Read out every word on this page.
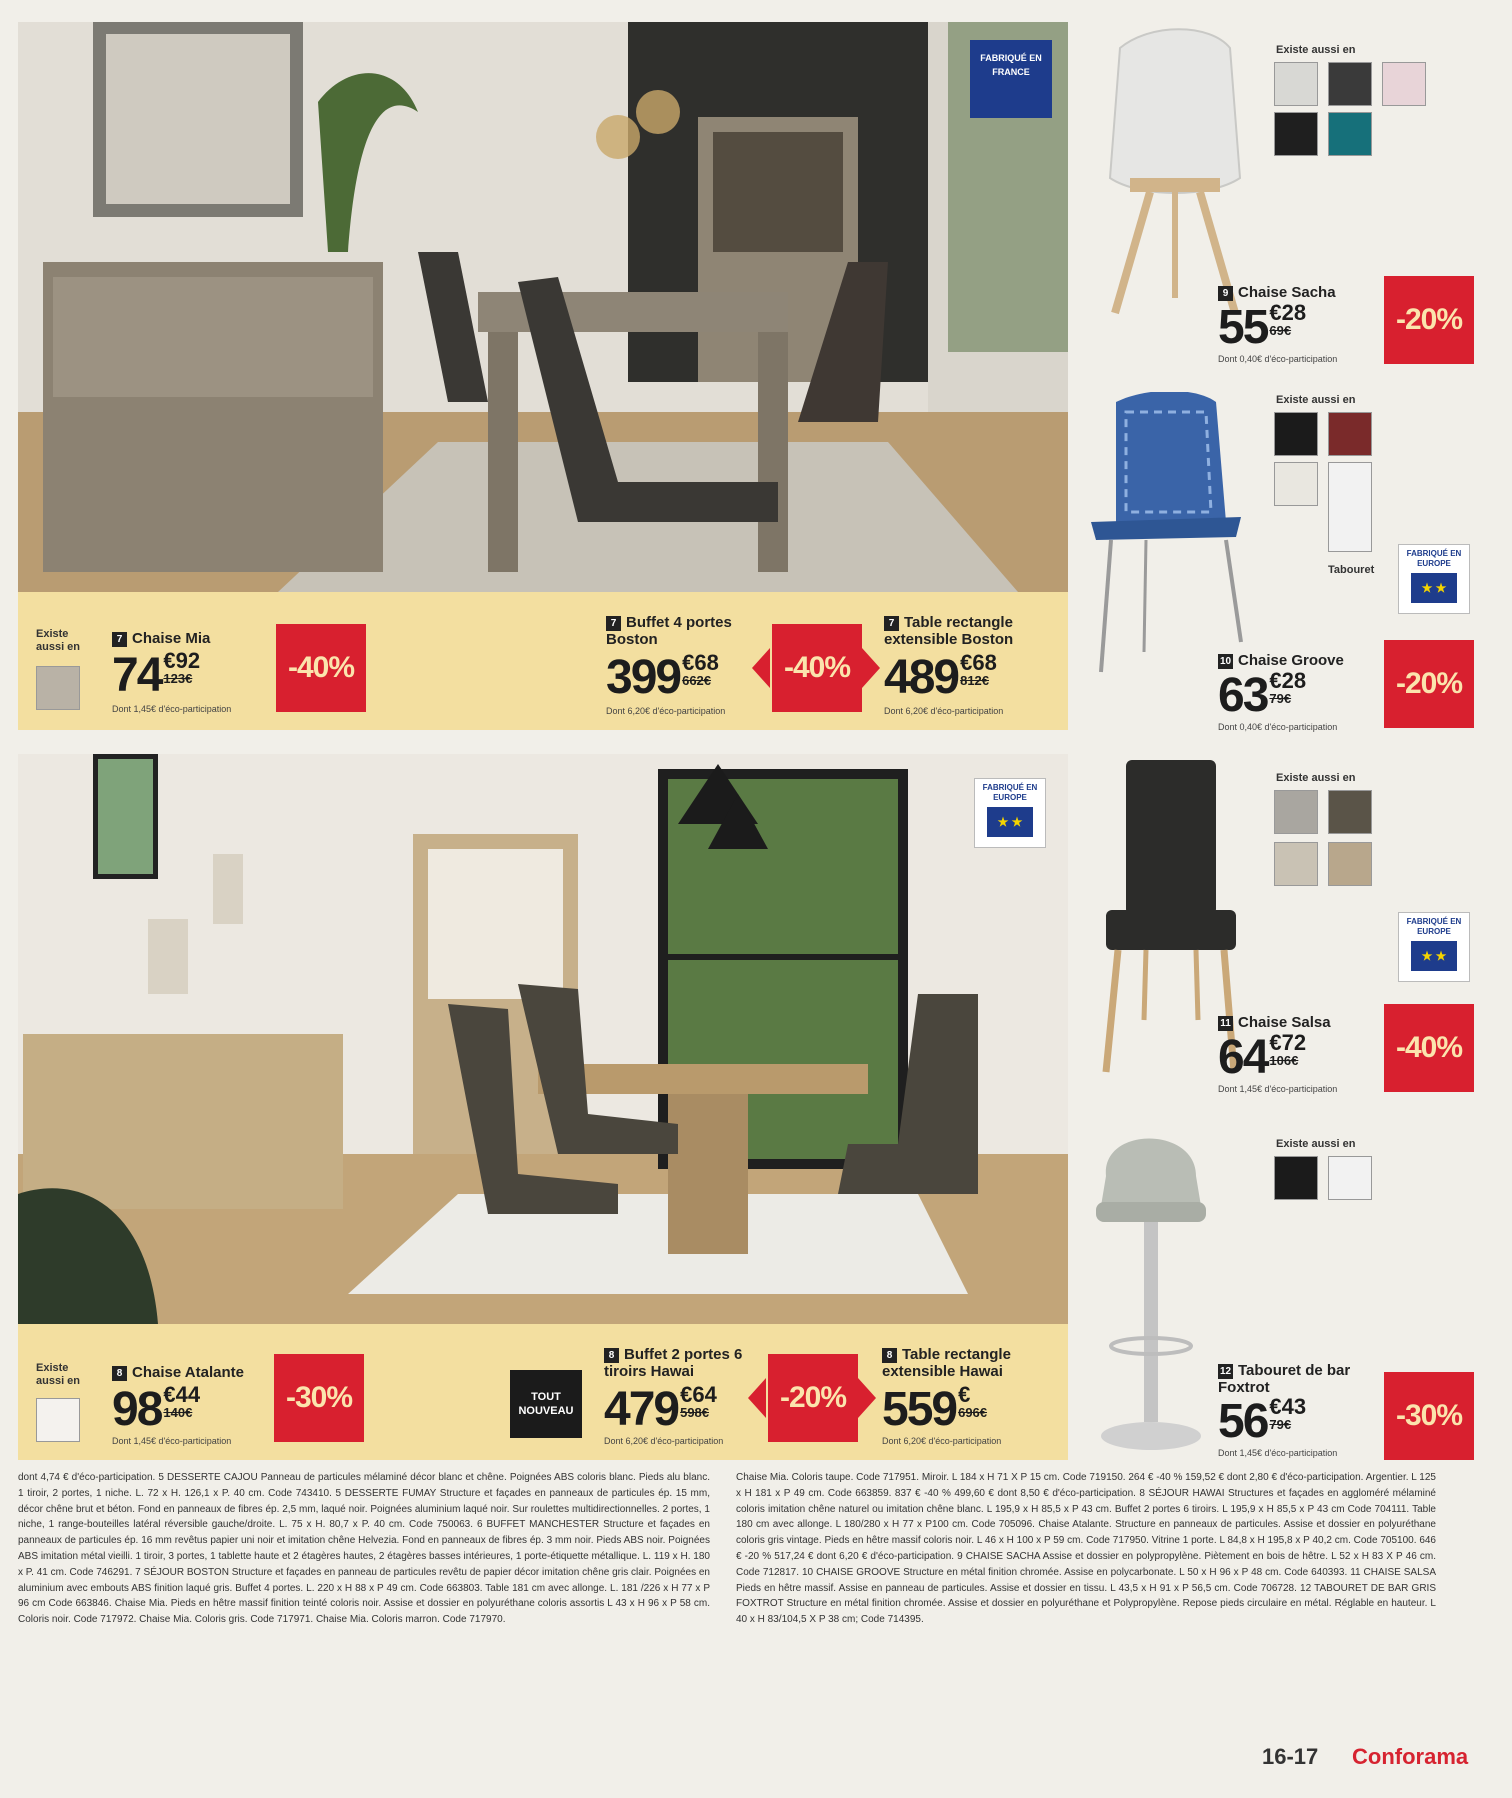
FABRIQUÉ EN FRANCE
Existe aussi en
7 Chaise Mia
74 €92
123€
Dont 1,45€ d'éco-participation
-40%
7 Buffet 4 portes Boston
399 €68
662€
Dont 6,20€ d'éco-participation
-40%
7 Table rectangle extensible Boston
489 €68
812€
Dont 6,20€ d'éco-participation
FABRIQUÉ EN EUROPE
★ ★
Existe aussi en
8 Chaise Atalante
98 €44
140€
Dont 1,45€ d'éco-participation
-30%	TOUT NOUVEAU
8 Buffet 2 portes 6 tiroirs Hawai
479 €64
598€
Dont 6,20€ d'éco-participation
-20%
8 Table rectangle extensible Hawai
559 €
696€
Dont 6,20€ d'éco-participation
Existe aussi en
9 Chaise Sacha
55 €28
69€
Dont 0,40€ d'éco-participation
-20%
Existe aussi en
Tabouret
FABRIQUÉ EN EUROPE
★ ★
10 Chaise Groove
63 €28
79€
Dont 0,40€ d'éco-participation
-20%
Existe aussi en
FABRIQUÉ EN EUROPE
★ ★
11 Chaise Salsa
64 €72
106€
Dont 1,45€ d'éco-participation
-40%
Existe aussi en
12 Tabouret de bar Foxtrot
56 €43
79€
Dont 1,45€ d'éco-participation
-30%
dont 4,74 € d'éco-participation. 5 DESSERTE CAJOU Panneau de particules mélaminé décor blanc et chêne. Poignées ABS coloris blanc. Pieds alu blanc. 1 tiroir, 2 portes, 1 niche. L. 72 x H. 126,1 x P. 40 cm. Code 743410. 5 DESSERTE FUMAY Structure et façades en panneaux de particules ép. 15 mm, décor chêne brut et béton. Fond en panneaux de fibres ép. 2,5 mm, laqué noir. Poignées aluminium laqué noir. Sur roulettes multidirectionnelles. 2 portes, 1 niche, 1 range-bouteilles latéral réversible gauche/droite. L. 75 x H. 80,7 x P. 40 cm. Code 750063. 6 BUFFET MANCHESTER Structure et façades en panneaux de particules ép. 16 mm revêtus papier uni noir et imitation chêne Helvezia. Fond en panneaux de fibres ép. 3 mm noir. Pieds ABS noir. Poignées ABS imitation métal vieilli. 1 tiroir, 3 portes, 1 tablette haute et 2 étagères hautes, 2 étagères basses intérieures, 1 porte-étiquette métallique. L. 119 x H. 180 x P. 41 cm. Code 746291. 7 SÉJOUR BOSTON Structure et façades en panneau de particules revêtu de papier décor imitation chêne gris clair. Poignées en aluminium avec embouts ABS finition laqué gris. Buffet 4 portes. L. 220 x H 88 x P 49 cm. Code 663803. Table 181 cm avec allonge. L. 181 /226 x H 77 x P 96 cm Code 663846. Chaise Mia. Pieds en hêtre massif finition teinté coloris noir. Assise et dossier en polyuréthane coloris assortis L 43 x H 96 x P 58 cm. Coloris noir. Code 717972. Chaise Mia. Coloris gris. Code 717971. Chaise Mia. Coloris marron. Code 717970.
Chaise Mia. Coloris taupe. Code 717951. Miroir. L 184 x H 71 X P 15 cm. Code 719150. 264 € -40 % 159,52 € dont 2,80 € d'éco-participation. Argentier. L 125 x H 181 x P 49 cm. Code 663859. 837 € -40 % 499,60 € dont 8,50 € d'éco-participation. 8 SÉJOUR HAWAI Structures et façades en aggloméré mélaminé coloris imitation chêne naturel ou imitation chêne blanc. L 195,9 x H 85,5 x P 43 cm. Buffet 2 portes 6 tiroirs. L 195,9 x H 85,5 x P 43 cm Code 704111. Table 180 cm avec allonge. L 180/280 x H 77 x P100 cm. Code 705096. Chaise Atalante. Structure en panneaux de particules. Assise et dossier en polyuréthane coloris gris vintage. Pieds en hêtre massif coloris noir. L 46 x H 100 x P 59 cm. Code 717950. Vitrine 1 porte. L 84,8 x H 195,8 x P 40,2 cm. Code 705100. 646 € -20 % 517,24 € dont 6,20 € d'éco-participation. 9 CHAISE SACHA Assise et dossier en polypropylène. Piètement en bois de hêtre. L 52 x H 83 X P 46 cm. Code 712817. 10 CHAISE GROOVE Structure en métal finition chromée. Assise en polycarbonate. L 50 x H 96 x P 48 cm. Code 640393. 11 CHAISE SALSA Pieds en hêtre massif. Assise en panneau de particules. Assise et dossier en tissu. L 43,5 x H 91 x P 56,5 cm. Code 706728. 12 TABOURET DE BAR GRIS FOXTROT Structure en métal finition chromée. Assise et dossier en polyuréthane et Polypropylène. Repose pieds circulaire en métal. Réglable en hauteur. L 40 x H 83/104,5 X P 38 cm; Code 714395.
16-17 Conforama
